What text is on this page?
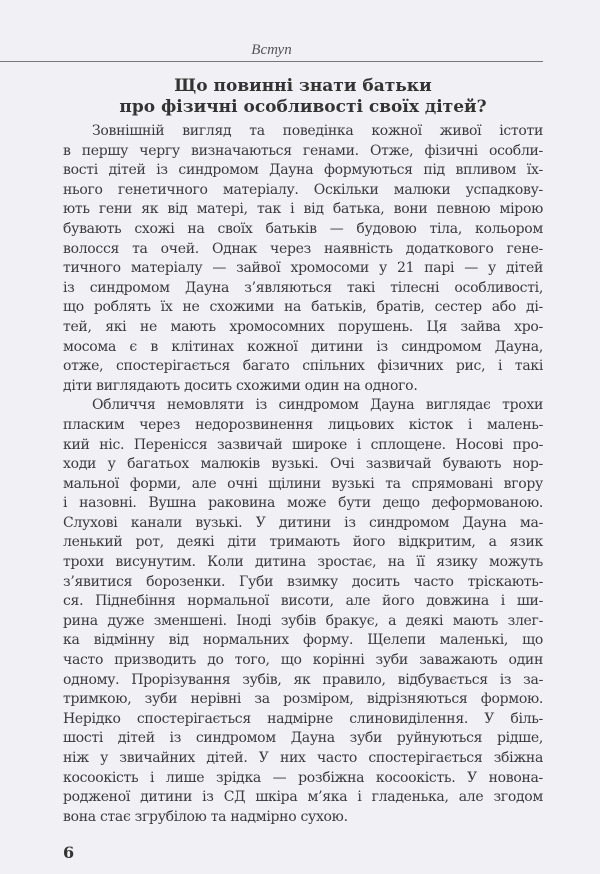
Вступ
Що повинні знати батьки
про фізичні особливості своїх дітей?
Зовнішній вигляд та поведінка кожної живої істоти
в першу чергу визначаються генами. Отже, фізичні особли-
вості дітей із синдромом Дауна формуються під впливом їх-
нього генетичного матеріалу. Оскільки малюки успадкову-
ють гени як від матері, так і від батька, вони певною мірою
бувають схожі на своїх батьків — будовою тіла, кольором
волосся та очей. Однак через наявність додаткового гене-
тичного матеріалу — зайвої хромосоми у 21 парі — у дітей
із синдромом Дауна з’являються такі тілесні особливості,
що роблять їх не схожими на батьків, братів, сестер або ді-
тей, які не мають хромосомних порушень. Ця зайва хро-
мосома є в клітинах кожної дитини із синдромом Дауна,
отже, спостерігається багато спільних фізичних рис, і такі
діти виглядають досить схожими один на одного.
Обличчя немовляти із синдромом Дауна виглядає трохи
пласким через недорозвинення лицьових кісток і малень-
кий ніс. Перенісся зазвичай широке і сплощене. Носові про-
ходи у багатьох малюків вузькі. Очі зазвичай бувають нор-
мальної форми, але очні щілини вузькі та спрямовані вгору
і назовні. Вушна раковина може бути дещо деформованою.
Слухові канали вузькі. У дитини із синдромом Дауна ма-
ленький рот, деякі діти тримають його відкритим, а язик
трохи висунутим. Коли дитина зростає, на її язику можуть
з’явитися борозенки. Губи взимку досить часто тріскають-
ся. Піднебіння нормальної висоти, але його довжина і ши-
рина дуже зменшені. Іноді зубів бракує, а деякі мають злег-
ка відмінну від нормальних форму. Щелепи маленькі, що
часто призводить до того, що корінні зуби заважають один
одному. Прорізування зубів, як правило, відбувається із за-
тримкою, зуби нерівні за розміром, відрізняються формою.
Нерідко спостерігається надмірне слиновиділення. У біль-
шості дітей із синдромом Дауна зуби руйнуються рідше,
ніж у звичайних дітей. У них часто спостерігається збіжна
косоокість і лише зрідка — розбіжна косоокість. У новона-
родженої дитини із СД шкіра м’яка і гладенька, але згодом
вона стає згрубілою та надмірно сухою.
6
